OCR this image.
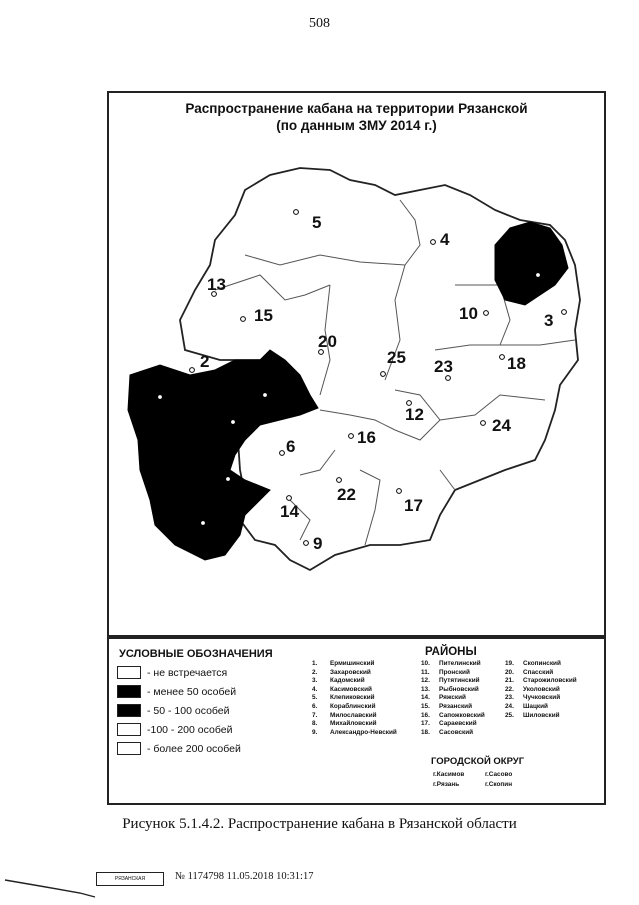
508
Распространение кабана на территории Рязанской
(по данным ЗМУ 2014 г.)
5
4
13
15	10	3
20
25	18
2	23
12
24
16
6
22
17
14
9
УСЛОВНЫЕ ОБОЗНАЧЕНИЯ
- не встречается
- менее 50 особей
- 50 - 100 особей
-100 - 200 особей
- более 200 особей
РАЙОНЫ
1. Ермишинский
2. Захаровский
3. Кадомский
4. Касимовский
5. Клепиковский
6. Кораблинский
7. Милославский
8. Михайловский
9. Александро-Невский
10. Пителинский
11. Пронский
12. Путятинский
13. Рыбновский
14. Ряжский
15. Рязанский
16. Сапожковский
17. Сараевский
18. Сасовский
19. Скопинский
20. Спасский
21. Старожиловский
22. Уколовский
23. Чучковский
24. Шацкий
25. Шиловский
ГОРОДСКОЙ ОКРУГ
г.Касимов
г.Рязань
г.Сасово
г.Скопин
Рисунок 5.1.4.2. Распространение кабана в Рязанской области
РЯЗАНСКАЯ	№ 1174798 11.05.2018 10:31:17
